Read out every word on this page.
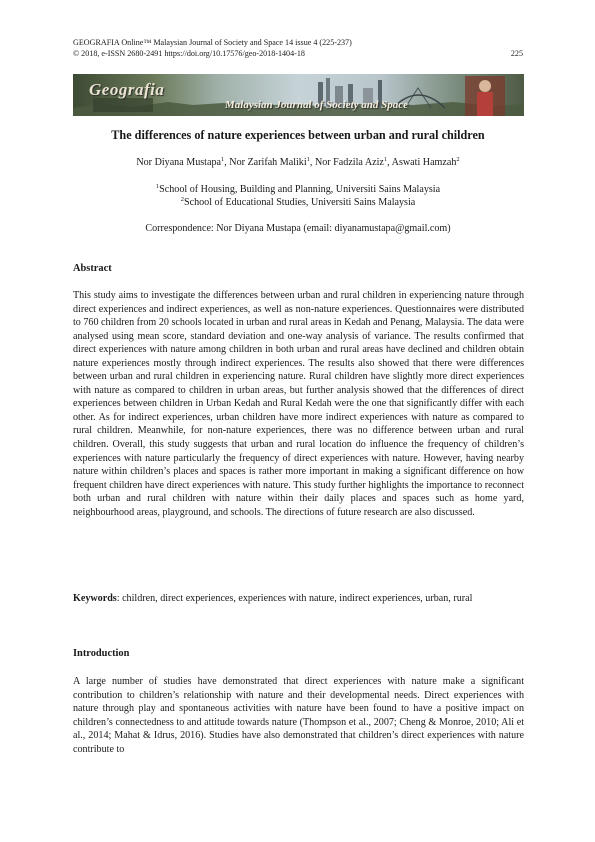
GEOGRAFIA Online™ Malaysian Journal of Society and Space 14 issue 4 (225-237)
© 2018, e-ISSN 2680-2491 https://doi.org/10.17576/geo-2018-1404-18	225
Geografia
Malaysian Journal of Society and Space
The differences of nature experiences between urban and rural children
Nor Diyana Mustapa$^1$, Nor Zarifah Maliki$^1$, Nor Fadzila Aziz$^1$, Aswati Hamzah$^2$
$^1$School of Housing, Building and Planning, Universiti Sains Malaysia
$^2$School of Educational Studies, Universiti Sains Malaysia
Correspondence: Nor Diyana Mustapa (email: diyanamustapa@gmail.com)
Abstract

This study aims to investigate the differences between urban and rural children in experiencing nature through direct experiences and indirect experiences, as well as non-nature experiences. Questionnaires were distributed to 760 children from 20 schools located in urban and rural areas in Kedah and Penang, Malaysia. The data were analysed using mean score, standard deviation and one-way analysis of variance. The results confirmed that direct experiences with nature among children in both urban and rural areas have declined and children obtain nature experiences mostly through indirect experiences. The results also showed that there were differences between urban and rural children in experiencing nature. Rural children have slightly more direct experiences with nature as compared to children in urban areas, but further analysis showed that the differences of direct experiences between children in Urban Kedah and Rural Kedah were the one that significantly differ with each other. As for indirect experiences, urban children have more indirect experiences with nature as compared to rural children. Meanwhile, for non-nature experiences, there was no difference between urban and rural children. Overall, this study suggests that urban and rural location do influence the frequency of children’s experiences with nature particularly the frequency of direct experiences with nature. However, having nearby nature within children’s places and spaces is rather more important in making a significant difference on how frequent children have direct experiences with nature. This study further highlights the importance to reconnect both urban and rural children with nature within their daily places and spaces such as home yard, neighbourhood areas, playground, and schools. The directions of future research are also discussed.

Keywords: children, direct experiences, experiences with nature, indirect experiences, urban, rural

Introduction

A large number of studies have demonstrated that direct experiences with nature make a significant contribution to children’s relationship with nature and their developmental needs. Direct experiences with nature through play and spontaneous activities with nature have been found to have a positive impact on children’s connectedness to and attitude towards nature (Thompson et al., 2007; Cheng & Monroe, 2010; Ali et al., 2014; Mahat & Idrus, 2016). Studies have also demonstrated that children’s direct experiences with nature contribute to
